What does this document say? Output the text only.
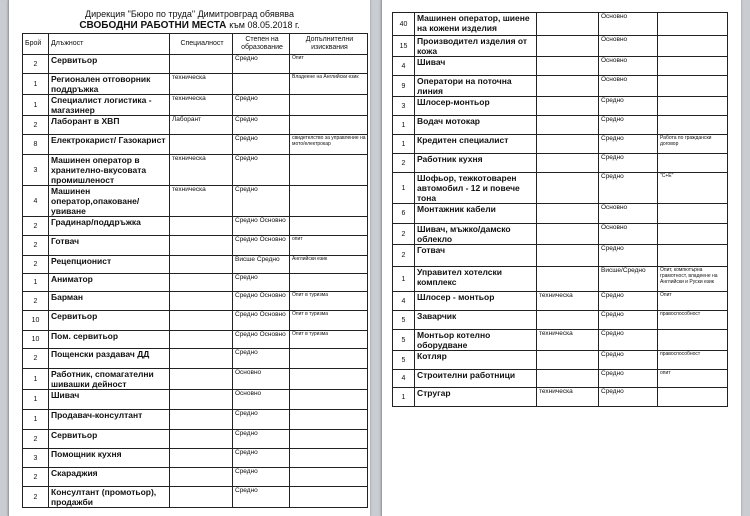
Дирекция "Бюро по труда" Димитровград обявява
СВОБОДНИ РАБОТНИ МЕСТА към 08.05.2018 г.
Брой	Длъжност	Специалност	Степен на образование	Допълнителни изисквания
2	Сервитьор		Средно	Опит
1	Регионален отговорник поддръжка	техническа		Владеене на Английски език
1	Специалист логистика - магазинер	техническа	Средно	
2	Лаборант в ХВП	Лаборант	Средно	
8	Електрокарист/ Газокарист		Средно	свидетелство за управление на мото/електрокар
3	Машинен оператор в хранително-вкусовата промишленост	техническа	Средно	
4	Машинен оператор,опаковане/ увиване	техническа	Средно	
2	Градинар/поддръжка		Средно Основно	
2	Готвач		Средно Основно	опит
2	Рецепционист		Висше Средно	Английски език
1	Аниматор		Средно	
2	Барман		Средно Основно	Опит в туризма
10	Сервитьор		Средно Основно	Опит в туризма
10	Пом. сервитьор		Средно Основно	Опит в туризма
2	Пощенски раздавач ДД		Средно	
1	Работник, спомагателни шивашки дейност		Основно	
1	Шивач		Основно	
1	Продавач-консултант		Средно	
2	Сервитьор		Средно	
3	Помощник кухня		Средно	
2	Скараджия		Средно	
2	Консултант (промотьор), продажби		Средно	
40	Машинен оператор, шиене на кожени изделия		Основно	
15	Производител изделия от кожа		Основно	
4	Шивач		Основно	
9	Оператори на поточна линия		Основно	
3	Шлосер-монтьор		Средно	
1	Водач мотокар		Средно	
1	Кредитен специалист		Средно	Работа по граждански договор
2	Работник кухня		Средно	
1	Шофьор, тежкотоварен автомобил - 12 и повече тона		Средно	"С+Е"
6	Монтажник кабели		Основно	
2	Шивач, мъжко/дамско облекло		Основно	
2	Готвач		Средно	
1	Управител хотелски комплекс		Висше/Средно	Опит, компютърна грамотност, владеене на Английски и Руски език
4	Шлосер - монтьор	техническа	Средно	Опит
5	Заварчик		Средно	правоспособност
5	Монтьор котелно оборудване	техническа	Средно	
5	Котляр		Средно	правоспособност
4	Строителни работници		Средно	опит
1	Стругар	техническа	Средно	
